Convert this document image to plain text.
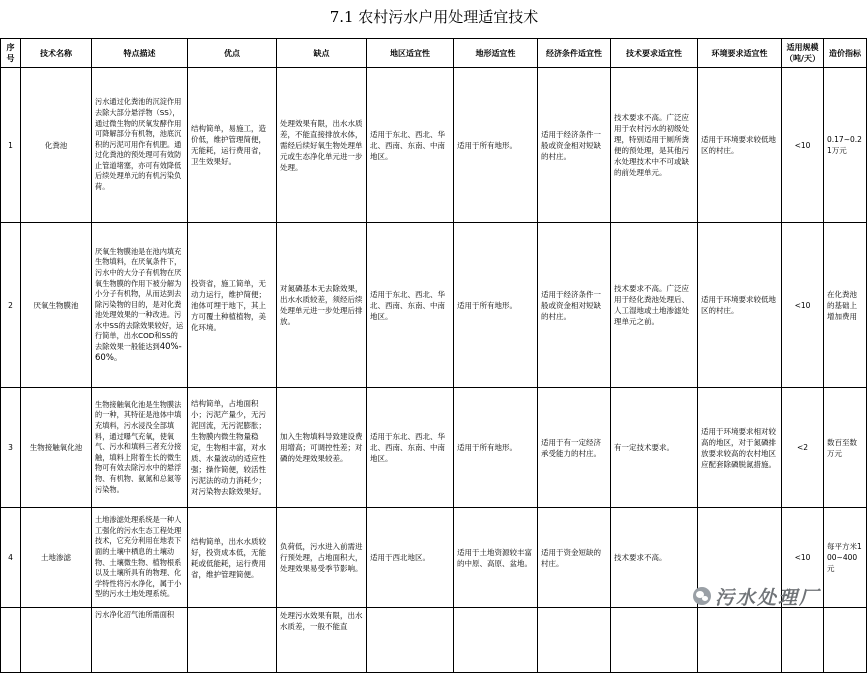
7.1 农村污水户用处理适宜技术
序号	技术名称	特点描述	优点	缺点	地区适宜性	地形适宜性	经济条件适宜性	技术要求适宜性	环境要求适宜性	适用规模（吨/天）	造价指标
1	化粪池	污水通过化粪池的沉淀作用去除大部分悬浮物（SS），通过微生物的厌氧发酵作用可降解部分有机物，池底沉积的污泥可用作有机肥。通过化粪池的预处理可有效防止管道堵塞，亦可有效降低后续处理单元的有机污染负荷。	结构简单，易施工，造价低，维护管理简便，无能耗，运行费用省，卫生效果好。	处理效果有限，出水水质差，不能直接排放水体，需经后续好氧生物处理单元或生态净化单元进一步处理。	适用于东北、西北、华北、西南、东南、中南地区。	适用于所有地形。	适用于经济条件一般或资金相对短缺的村庄。	技术要求不高。广泛应用于农村污水的初级处理，特别适用于厕所粪便的预处理，是其他污水处理技术中不可或缺的前处理单元。	适用于环境要求较低地区的村庄。	<10	0.17~0.21万元
2	厌氧生物膜池	厌氧生物膜池是在池内填充生物填料，在厌氧条件下，污水中的大分子有机物在厌氧生物膜的作用下被分解为小分子有机物，从而达到去除污染物的目的，是对化粪池处理效果的一种改进。污水中SS的去除效果较好，运行简单，出水COD和SS的去除效果一般能达到40%-60%。	投资省，施工简单，无动力运行，维护简便；池体可埋于地下，其上方可覆土种植植物，美化环境。	对氮磷基本无去除效果，出水水质较差，须经后续处理单元进一步处理后排放。	适用于东北、西北、华北、西南、东南、中南地区。	适用于所有地形。	适用于经济条件一般或资金相对短缺的村庄。	技术要求不高。广泛应用于经化粪池处理后、人工湿地或土地渗滤处理单元之前。	适用于环境要求较低地区的村庄。	<10	在化粪池的基础上增加费用
3	生物接触氧化池	生物接触氧化池是生物膜法的一种，其特征是池体中填充填料，污水浸没全部填料，通过曝气充氧，使氧气、污水和填料三者充分接触，填料上附着生长的微生物可有效去除污水中的悬浮物、有机物、氨氮和总氮等污染物。	结构简单，占地面积小；污泥产量少，无污泥回流，无污泥膨胀；生物膜内微生物量稳定，生物相丰富，对水质、水量波动的适应性强；操作简便，较活性污泥法的动力消耗少；对污染物去除效果好。	加入生物填料导致建设费用增高；可调控性差；对磷的处理效果较差。	适用于东北、西北、华北、西南、东南、中南地区。	适用于所有地形。	适用于有一定经济承受能力的村庄。	有一定技术要求。	适用于环境要求相对较高的地区，对于氮磷排放要求较高的农村地区应配套除磷脱氮措施。	<2	数百至数万元
4	土地渗滤	土地渗滤处理系统是一种人工强化的污水生态工程处理技术，它充分利用在地表下面的土壤中栖息的土壤动物、土壤微生物、植物根系以及土壤所具有的物理、化学特性将污水净化，属于小型的污水土地处理系统。	结构简单，出水水质较好，投资成本低，无能耗或低能耗，运行费用省，维护管理简便。	负荷低，污水进入前需进行预处理，占地面积大，处理效果易受季节影响。	适用于西北地区。	适用于土地资源较丰富的中原、高原、盆地。	适用于资金短缺的村庄。	技术要求不高。		<10	每平方米100~400元
		污水净化沼气池所需面积		处理污水效果有限，出水水质差，一般不能直							
污水处理厂
